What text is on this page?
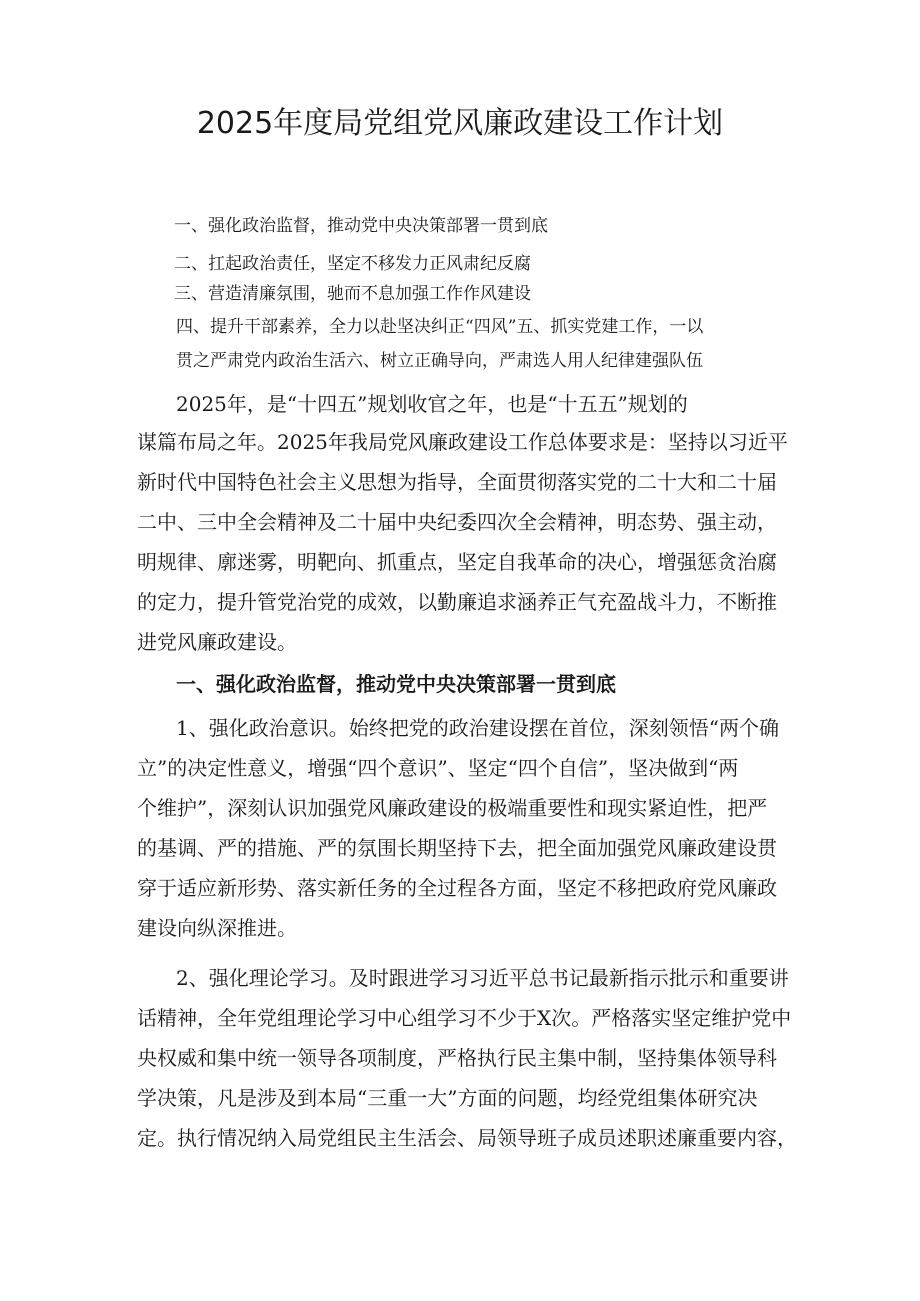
2025年度局党组党风廉政建设工作计划
一、强化政治监督，推动党中央决策部署一贯到底
二、扛起政治责任，坚定不移发力正风肃纪反腐
三、营造清廉氛围，驰而不息加强工作作风建设
四、提升干部素养，全力以赴坚决纠正“四风”五、抓实党建工作，一以
贯之严肃党内政治生活六、树立正确导向，严肃选人用人纪律建强队伍
2025年，是“十四五”规划收官之年，也是“十五五”规划的
谋篇布局之年。2025年我局党风廉政建设工作总体要求是：坚持以习近平
新时代中国特色社会主义思想为指导，全面贯彻落实党的二十大和二十届
二中、三中全会精神及二十届中央纪委四次全会精神，明态势、强主动，
明规律、廓迷雾，明靶向、抓重点，坚定自我革命的决心，增强惩贪治腐
的定力，提升管党治党的成效，以勤廉追求涵养正气充盈战斗力，不断推
进党风廉政建设。
一、强化政治监督，推动党中央决策部署一贯到底
1、强化政治意识。始终把党的政治建设摆在首位，深刻领悟“两个确
立”的决定性意义，增强“四个意识”、坚定“四个自信”，坚决做到“两
个维护”，深刻认识加强党风廉政建设的极端重要性和现实紧迫性，把严
的基调、严的措施、严的氛围长期坚持下去，把全面加强党风廉政建设贯
穿于适应新形势、落实新任务的全过程各方面，坚定不移把政府党风廉政
建设向纵深推进。
2、强化理论学习。及时跟进学习习近平总书记最新指示批示和重要讲
话精神，全年党组理论学习中心组学习不少于X次。严格落实坚定维护党中
央权威和集中统一领导各项制度，严格执行民主集中制，坚持集体领导科
学决策，凡是涉及到本局“三重一大”方面的问题，均经党组集体研究决
定。执行情况纳入局党组民主生活会、局领导班子成员述职述廉重要内容，
